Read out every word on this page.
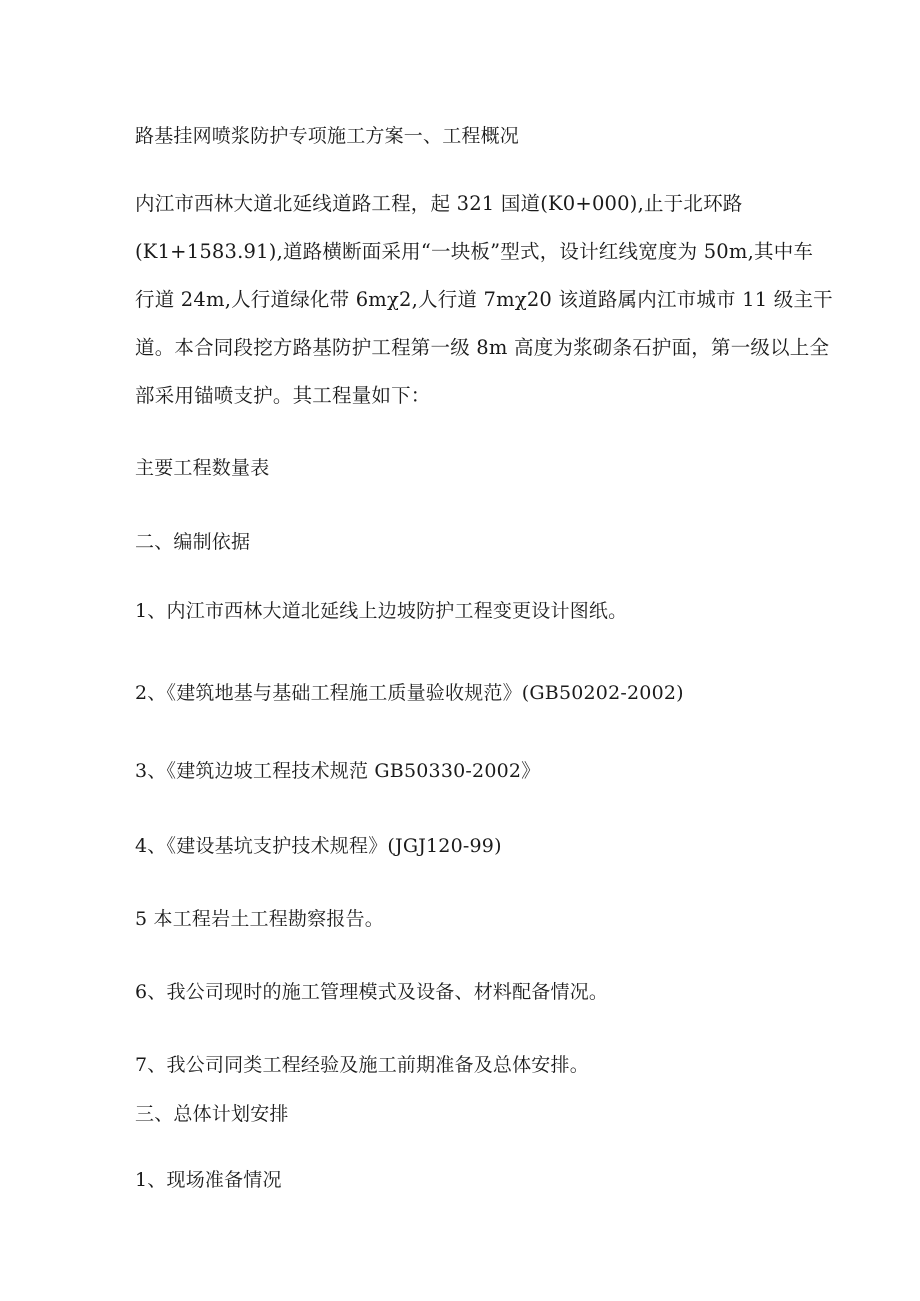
路基挂网喷浆防护专项施工方案一、工程概况

内江市西林大道北延线道路工程，起 321 国道(K0+000),止于北环路

(K1+1583.91),道路横断面采用“一块板”型式，设计红线宽度为 50m,其中车

行道 24m,人行道绿化带 6mχ2,人行道 7mχ20 该道路属内江市城市 11 级主干

道。本合同段挖方路基防护工程第一级 8m 高度为浆砌条石护面，第一级以上全

部采用锚喷支护。其工程量如下：

主要工程数量表

二、编制依据

1、内江市西林大道北延线上边坡防护工程变更设计图纸。

2、《建筑地基与基础工程施工质量验收规范》(GB50202-2002)

3、《建筑边坡工程技术规范 GB50330-2002》

4、《建设基坑支护技术规程》(JGJ120-99)

5 本工程岩土工程勘察报告。

6、我公司现时的施工管理模式及设备、材料配备情况。

7、我公司同类工程经验及施工前期准备及总体安排。

三、总体计划安排

1、现场准备情况
